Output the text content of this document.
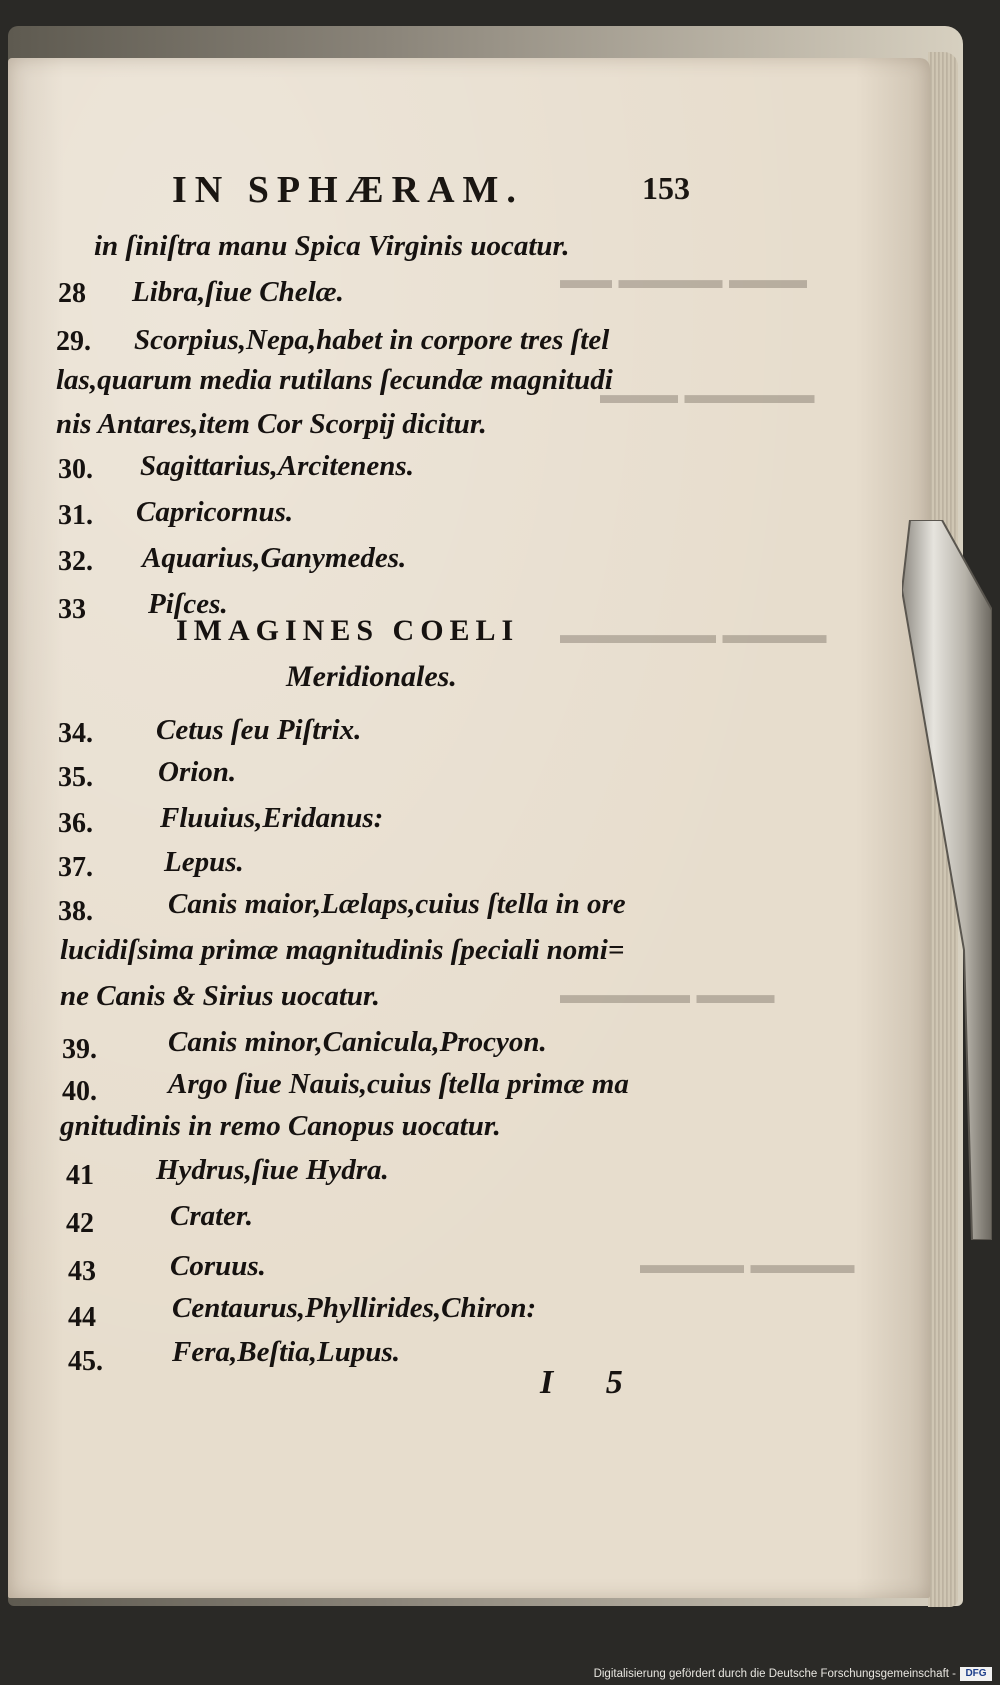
▬▬▬ ▬▬▬▬ ▬▬
▬▬▬▬▬ ▬▬▬
▬▬▬▬ ▬▬▬▬▬▬
▬▬▬ ▬▬▬▬▬
▬▬▬▬ ▬▬▬▬
IN SPHÆRAM.	153
in ſiniſtra manu Spica Virginis uocatur.
28 Libra,ſiue Chelæ.
29. Scorpius,Nepa,habet in corpore tres ſtel
las,quarum media rutilans ſecundæ magnitudi
nis Antares,item Cor Scorpij dicitur.
30. Sagittarius,Arcitenens.
31. Capricornus.
32. Aquarius,Ganymedes.
33 Piſces.
IMAGINES COELI
Meridionales.
34. Cetus ſeu Piſtrix.
35. Orion.
36. Fluuius,Eridanus:
37. Lepus.
38.	Canis maior,Lælaps,cuius ſtella in ore
lucidiſsima primæ magnitudinis ſpeciali nomi=
ne Canis & Sirius uocatur.
39. Canis minor,Canicula,Procyon.
40. Argo ſiue Nauis,cuius ſtella primæ ma
gnitudinis in remo Canopus uocatur.
41 Hydrus,ſiue Hydra.
42	Crater.
43	Coruus.
44	Centaurus,Phyllirides,Chiron:
45. Fera,Beſtia,Lupus.
I 5
Digitalisierung gefördert durch die Deutsche Forschungsgemeinschaft - DFG
